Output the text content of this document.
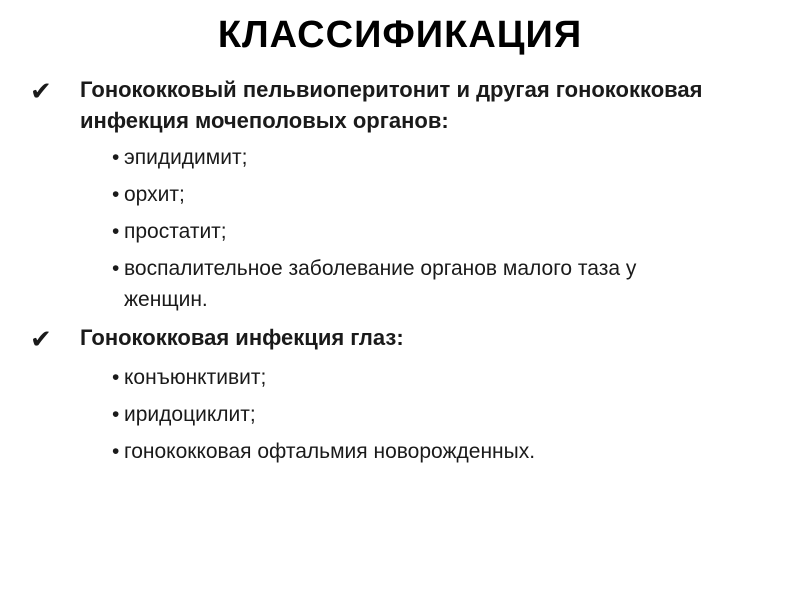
КЛАССИФИКАЦИЯ
✔	Гонококковый пельвиоперитонит и другая гонококковая инфекция мочеполовых органов:
• эпидидимит;
• орхит;
• простатит;
• воспалительное заболевание органов малого таза у женщин.
✔	Гонококковая инфекция глаз:
• конъюнктивит;
• иридоциклит;
• гонококковая офтальмия новорожденных.
